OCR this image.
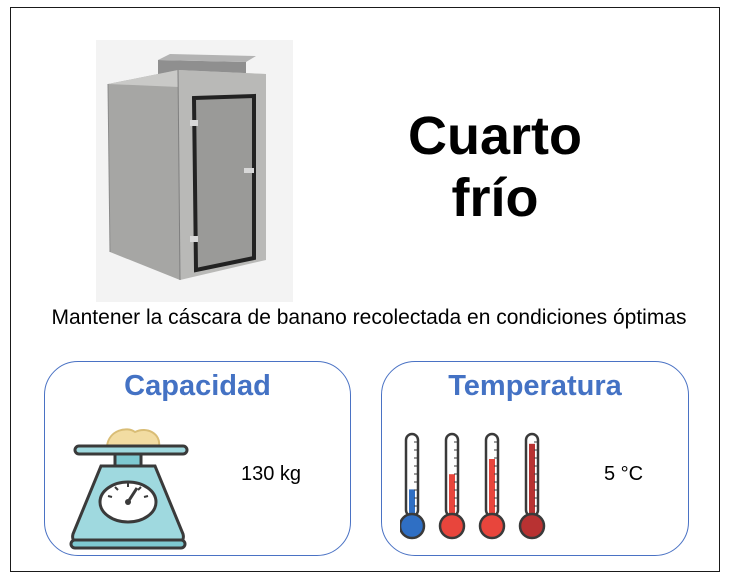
Cuarto
frío
Mantener la cáscara de banano recolectada en condiciones óptimas
Capacidad
130 kg
Temperatura
5 °C
